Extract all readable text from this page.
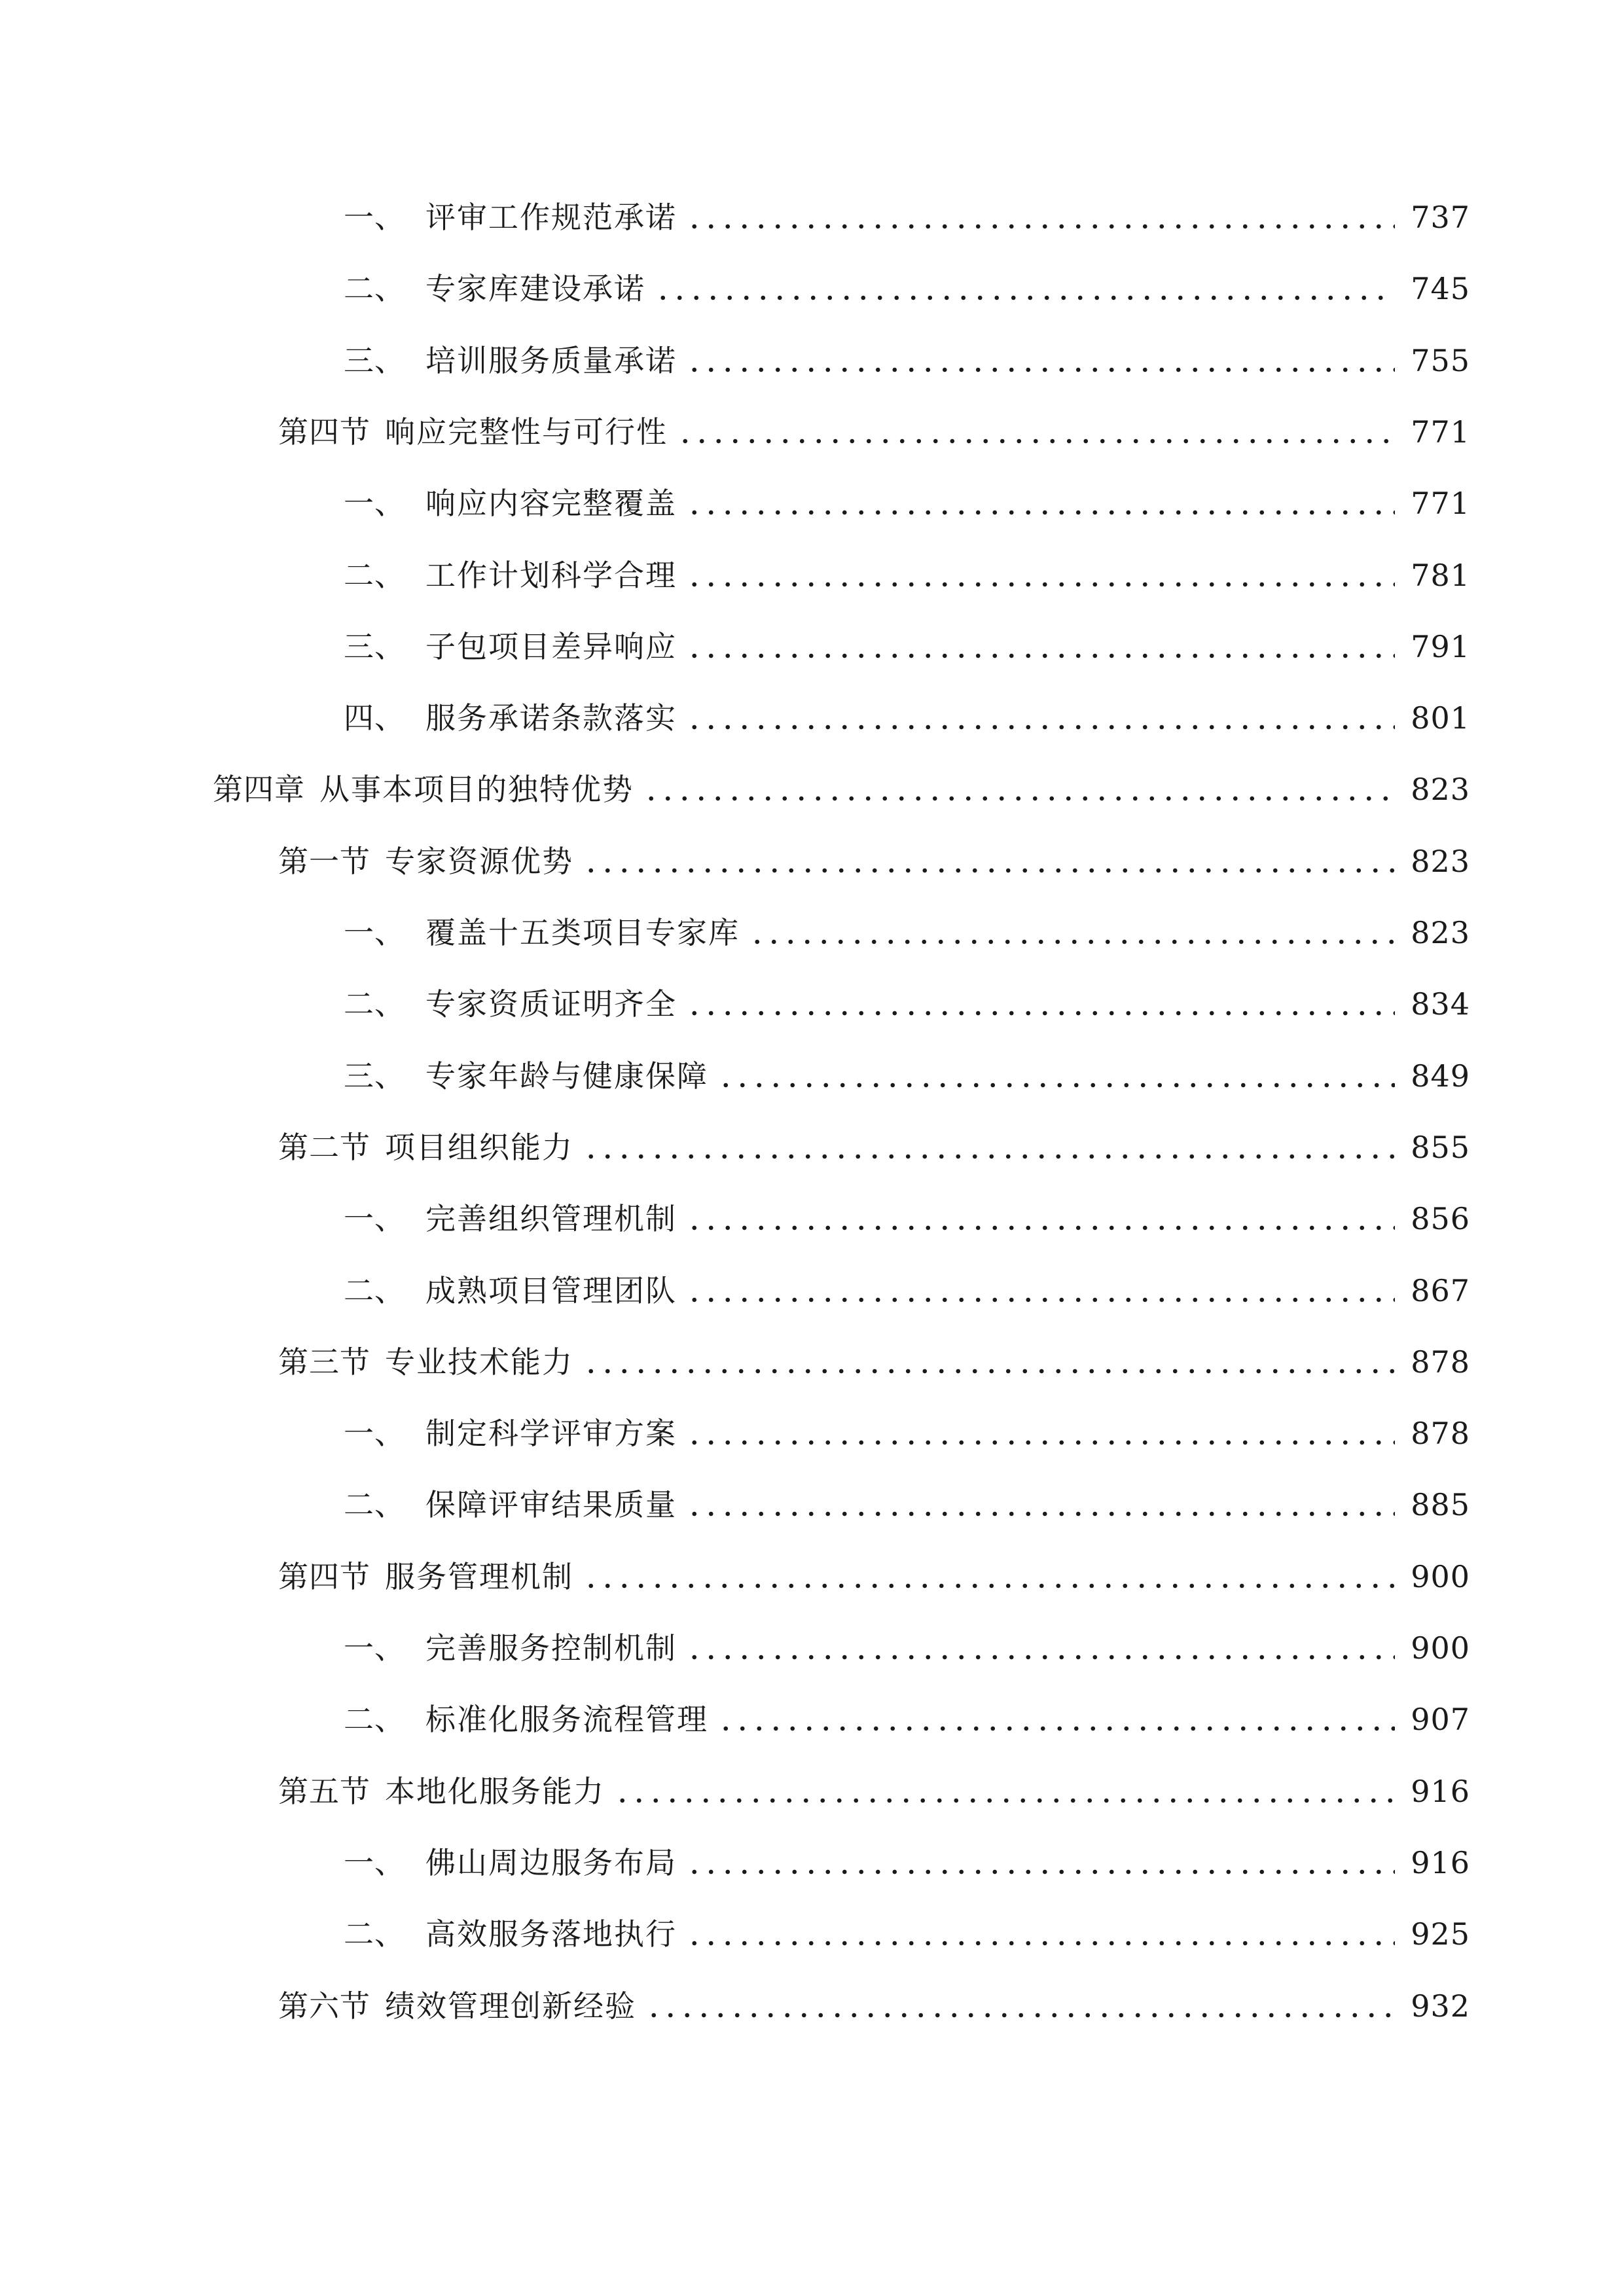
一、 评审工作规范承诺	737
二、 专家库建设承诺	745
三、 培训服务质量承诺	755
第四节 响应完整性与可行性	771
一、 响应内容完整覆盖	771
二、 工作计划科学合理	781
三、 子包项目差异响应	791
四、 服务承诺条款落实	801
第四章 从事本项目的独特优势	823
第一节 专家资源优势	823
一、 覆盖十五类项目专家库	823
二、 专家资质证明齐全	834
三、 专家年龄与健康保障	849
第二节 项目组织能力	855
一、 完善组织管理机制	856
二、 成熟项目管理团队	867
第三节 专业技术能力	878
一、 制定科学评审方案	878
二、 保障评审结果质量	885
第四节 服务管理机制	900
一、 完善服务控制机制	900
二、 标准化服务流程管理	907
第五节 本地化服务能力	916
一、 佛山周边服务布局	916
二、 高效服务落地执行	925
第六节 绩效管理创新经验	932
